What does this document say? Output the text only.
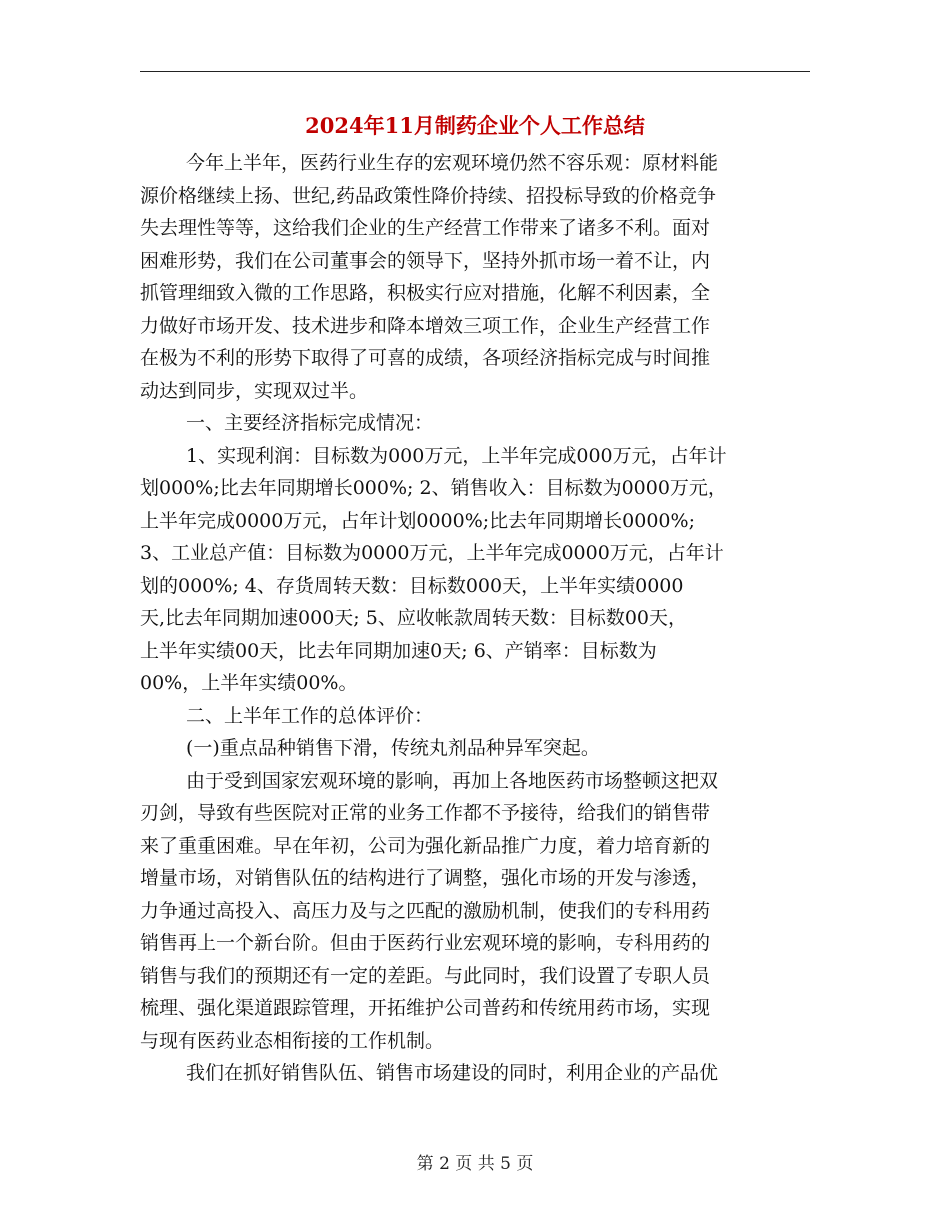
2024年11月制药企业个人工作总结
今年上半年，医药行业生存的宏观环境仍然不容乐观：原材料能
源价格继续上扬、世纪,药品政策性降价持续、招投标导致的价格竞争
失去理性等等，这给我们企业的生产经营工作带来了诸多不利。面对
困难形势，我们在公司董事会的领导下，坚持外抓市场一着不让，内
抓管理细致入微的工作思路，积极实行应对措施，化解不利因素，全
力做好市场开发、技术进步和降本增效三项工作，企业生产经营工作
在极为不利的形势下取得了可喜的成绩，各项经济指标完成与时间推
动达到同步，实现双过半。
一、主要经济指标完成情况：
1、实现利润：目标数为000万元，上半年完成000万元，占年计
划000%;比去年同期增长000%; 2、销售收入：目标数为0000万元，
上半年完成0000万元，占年计划0000%;比去年同期增长0000%;
3、工业总产值：目标数为0000万元，上半年完成0000万元，占年计
划的000%; 4、存货周转天数：目标数000天，上半年实绩0000
天,比去年同期加速000天; 5、应收帐款周转天数：目标数00天，
上半年实绩00天，比去年同期加速0天; 6、产销率：目标数为
00%，上半年实绩00%。
二、上半年工作的总体评价：
(一)重点品种销售下滑，传统丸剂品种异军突起。
由于受到国家宏观环境的影响，再加上各地医药市场整顿这把双
刃剑，导致有些医院对正常的业务工作都不予接待，给我们的销售带
来了重重困难。早在年初，公司为强化新品推广力度，着力培育新的
增量市场，对销售队伍的结构进行了调整，强化市场的开发与渗透，
力争通过高投入、高压力及与之匹配的激励机制，使我们的专科用药
销售再上一个新台阶。但由于医药行业宏观环境的影响，专科用药的
销售与我们的预期还有一定的差距。与此同时，我们设置了专职人员
梳理、强化渠道跟踪管理，开拓维护公司普药和传统用药市场，实现
与现有医药业态相衔接的工作机制。
我们在抓好销售队伍、销售市场建设的同时，利用企业的产品优
第 2 页 共 5 页
